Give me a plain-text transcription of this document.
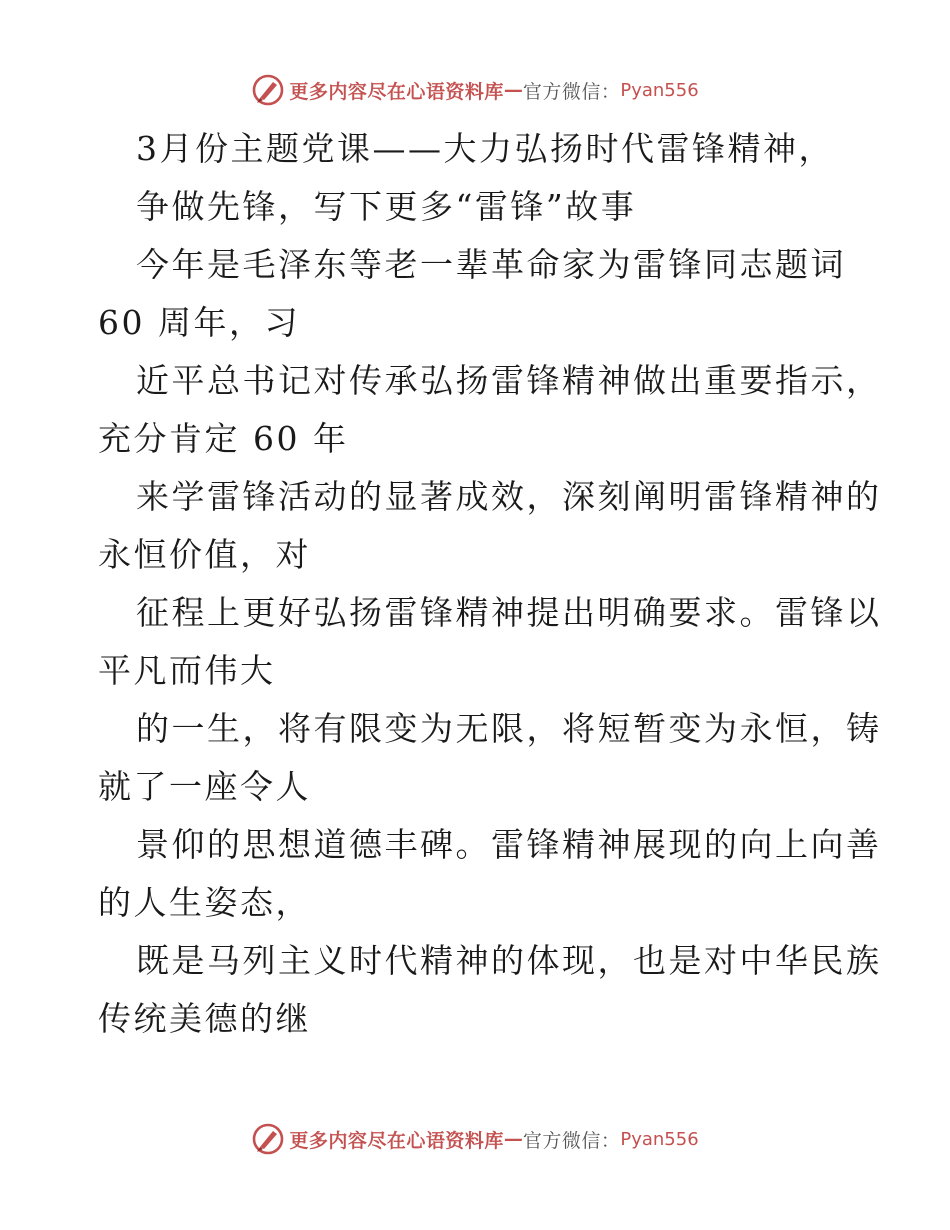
更多内容尽在心语资料库 — 官方微信： Pyan556
3月份主题党课——大力弘扬时代雷锋精神，
争做先锋，写下更多“雷锋”故事
今年是毛泽东等老一辈革命家为雷锋同志题词
60 周年，习
近平总书记对传承弘扬雷锋精神做出重要指示，
充分肯定 60 年
来学雷锋活动的显著成效，深刻阐明雷锋精神的
永恒价值，对
征程上更好弘扬雷锋精神提出明确要求。雷锋以
平凡而伟大
的一生，将有限变为无限，将短暂变为永恒，铸
就了一座令人
景仰的思想道德丰碑。雷锋精神展现的向上向善
的人生姿态，
既是马列主义时代精神的体现，也是对中华民族
传统美德的继
更多内容尽在心语资料库 — 官方微信： Pyan556
